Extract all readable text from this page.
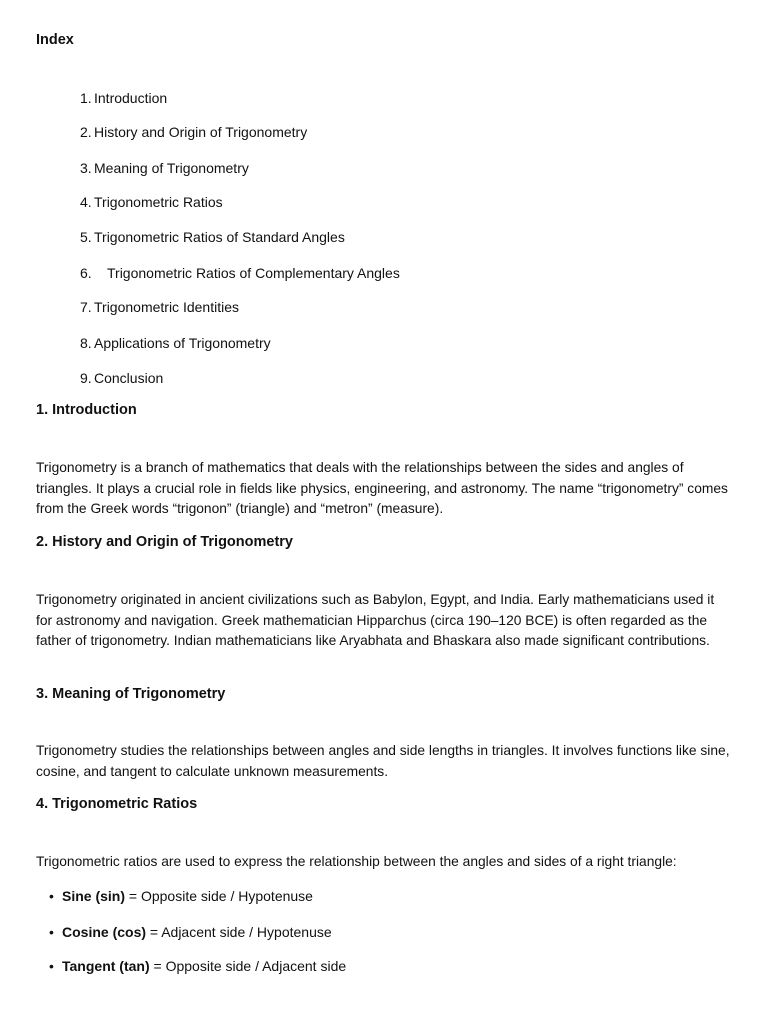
Index
1. Introduction
2. History and Origin of Trigonometry
3. Meaning of Trigonometry
4. Trigonometric Ratios
5. Trigonometric Ratios of Standard Angles
6. Trigonometric Ratios of Complementary Angles
7. Trigonometric Identities
8. Applications of Trigonometry
9. Conclusion
1. Introduction

Trigonometry is a branch of mathematics that deals with the relationships between the sides and angles of triangles. It plays a crucial role in fields like physics, engineering, and astronomy. The name “trigonometry” comes from the Greek words “trigonon” (triangle) and “metron” (measure).

2. History and Origin of Trigonometry

Trigonometry originated in ancient civilizations such as Babylon, Egypt, and India. Early mathematicians used it for astronomy and navigation. Greek mathematician Hipparchus (circa 190–120 BCE) is often regarded as the father of trigonometry. Indian mathematicians like Aryabhata and Bhaskara also made significant contributions.

3. Meaning of Trigonometry

Trigonometry studies the relationships between angles and side lengths in triangles. It involves functions like sine, cosine, and tangent to calculate unknown measurements.

4. Trigonometric Ratios

Trigonometric ratios are used to express the relationship between the angles and sides of a right triangle:

• Sine (sin) = Opposite side / Hypotenuse
• Cosine (cos) = Adjacent side / Hypotenuse
• Tangent (tan) = Opposite side / Adjacent side
